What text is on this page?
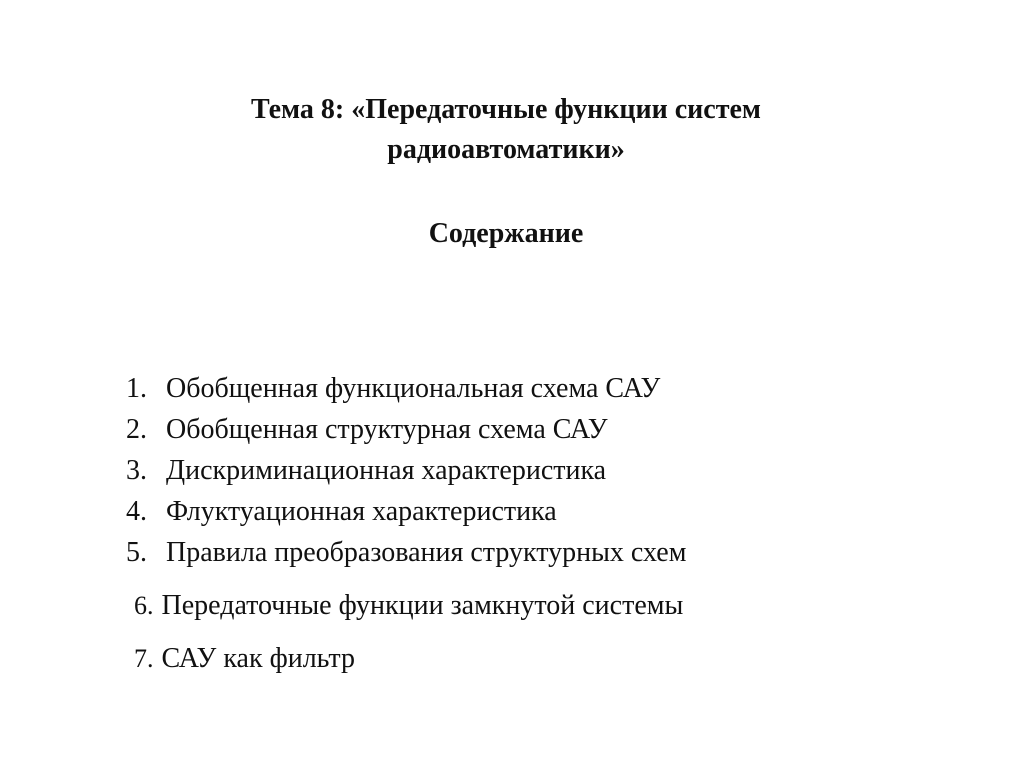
Тема 8: «Передаточные функции систем
радиоавтоматики»
Содержание
1. Обобщенная функциональная схема САУ
2. Обобщенная структурная схема САУ
3. Дискриминационная характеристика
4. Флуктуационная характеристика
5. Правила преобразования структурных схем
6. Передаточные функции замкнутой системы
7. САУ как фильтр
